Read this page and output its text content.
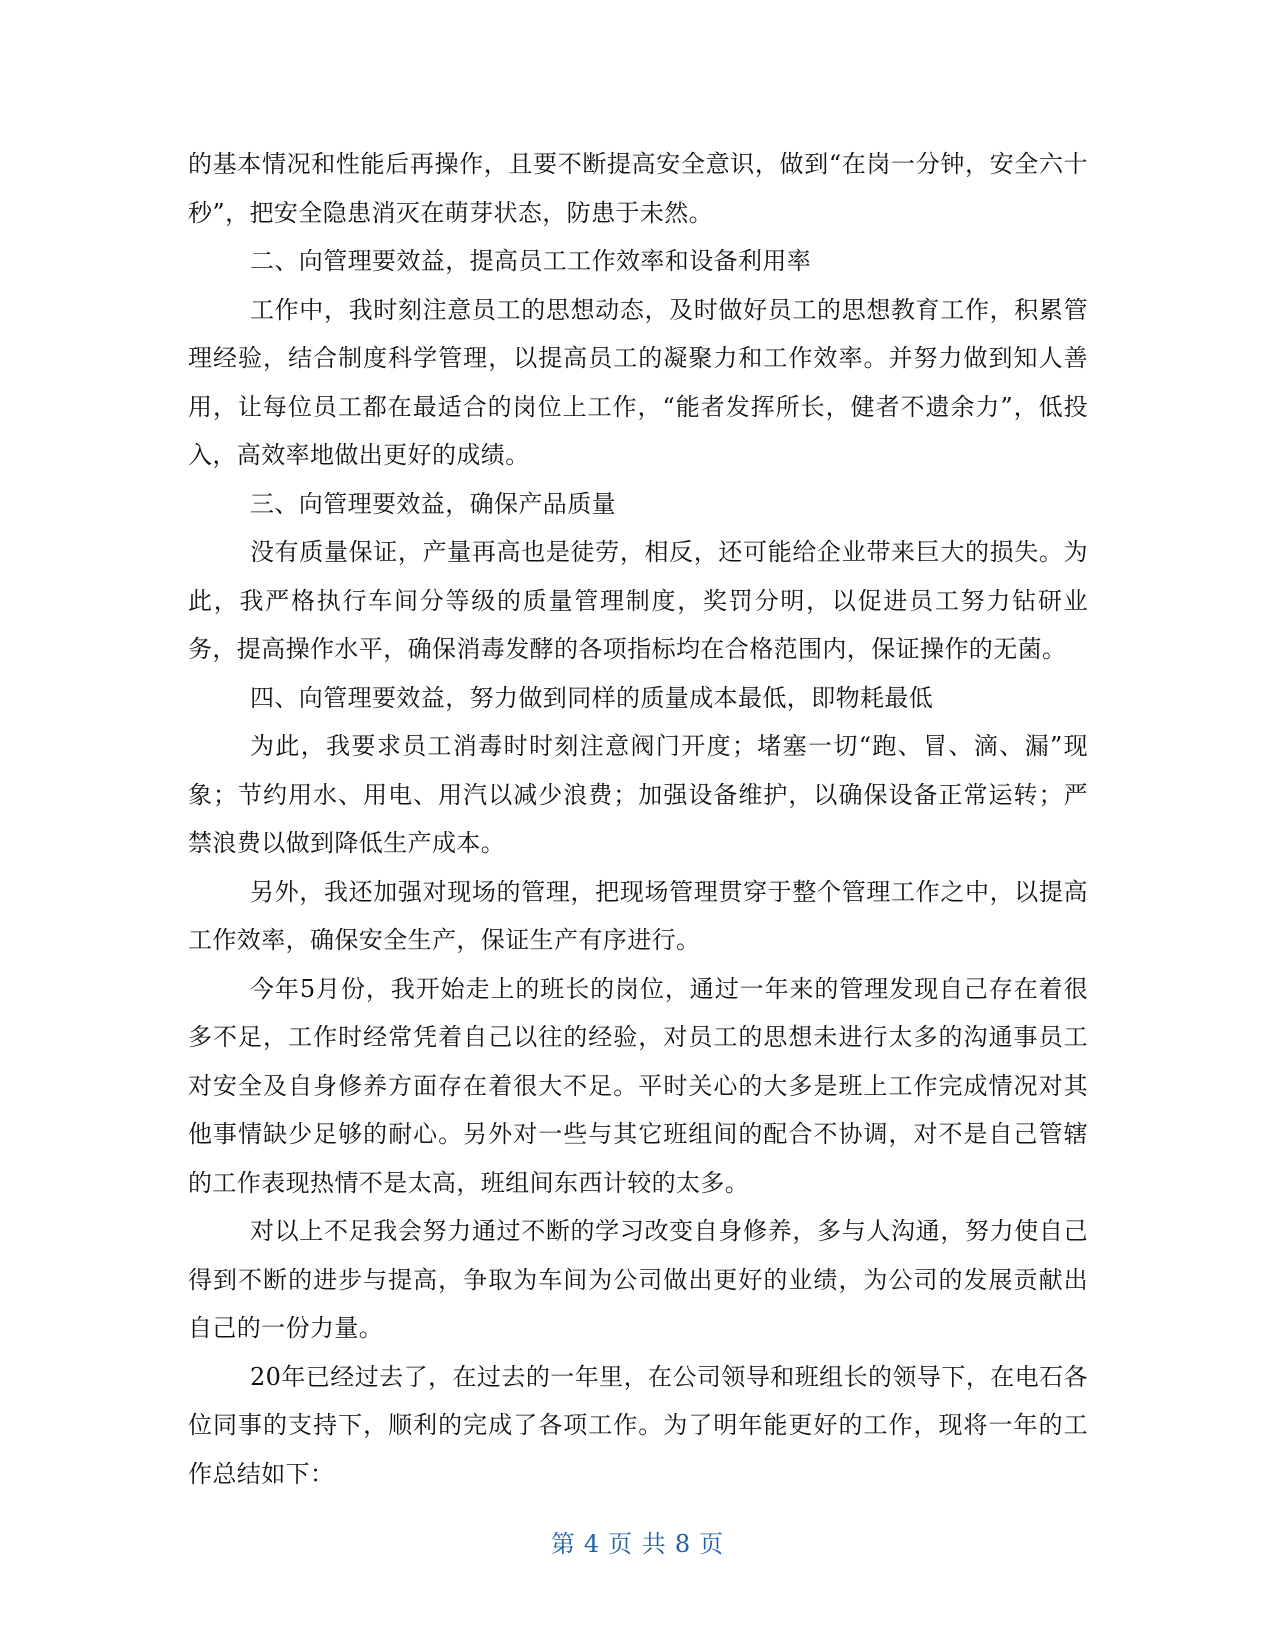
的基本情况和性能后再操作，且要不断提高安全意识，做到“在岗一分钟，安全六十秒”，把安全隐患消灭在萌芽状态，防患于未然。

二、向管理要效益，提高员工工作效率和设备利用率

工作中，我时刻注意员工的思想动态，及时做好员工的思想教育工作，积累管理经验，结合制度科学管理，以提高员工的凝聚力和工作效率。并努力做到知人善用，让每位员工都在最适合的岗位上工作，“能者发挥所长，健者不遗余力”，低投入，高效率地做出更好的成绩。

三、向管理要效益，确保产品质量

没有质量保证，产量再高也是徒劳，相反，还可能给企业带来巨大的损失。为此，我严格执行车间分等级的质量管理制度，奖罚分明，以促进员工努力钻研业务，提高操作水平，确保消毒发酵的各项指标均在合格范围内，保证操作的无菌。

四、向管理要效益，努力做到同样的质量成本最低，即物耗最低

为此，我要求员工消毒时时刻注意阀门开度；堵塞一切“跑、冒、滴、漏”现象；节约用水、用电、用汽以减少浪费；加强设备维护，以确保设备正常运转；严禁浪费以做到降低生产成本。

另外，我还加强对现场的管理，把现场管理贯穿于整个管理工作之中，以提高工作效率，确保安全生产，保证生产有序进行。

今年5月份，我开始走上的班长的岗位，通过一年来的管理发现自己存在着很多不足，工作时经常凭着自己以往的经验，对员工的思想未进行太多的沟通事员工对安全及自身修养方面存在着很大不足。平时关心的大多是班上工作完成情况对其他事情缺少足够的耐心。另外对一些与其它班组间的配合不协调，对不是自己管辖的工作表现热情不是太高，班组间东西计较的太多。

对以上不足我会努力通过不断的学习改变自身修养，多与人沟通，努力使自己得到不断的进步与提高，争取为车间为公司做出更好的业绩，为公司的发展贡献出自己的一份力量。

20年已经过去了，在过去的一年里，在公司领导和班组长的领导下，在电石各位同事的支持下，顺利的完成了各项工作。为了明年能更好的工作，现将一年的工作总结如下：

第 4 页 共 8 页
